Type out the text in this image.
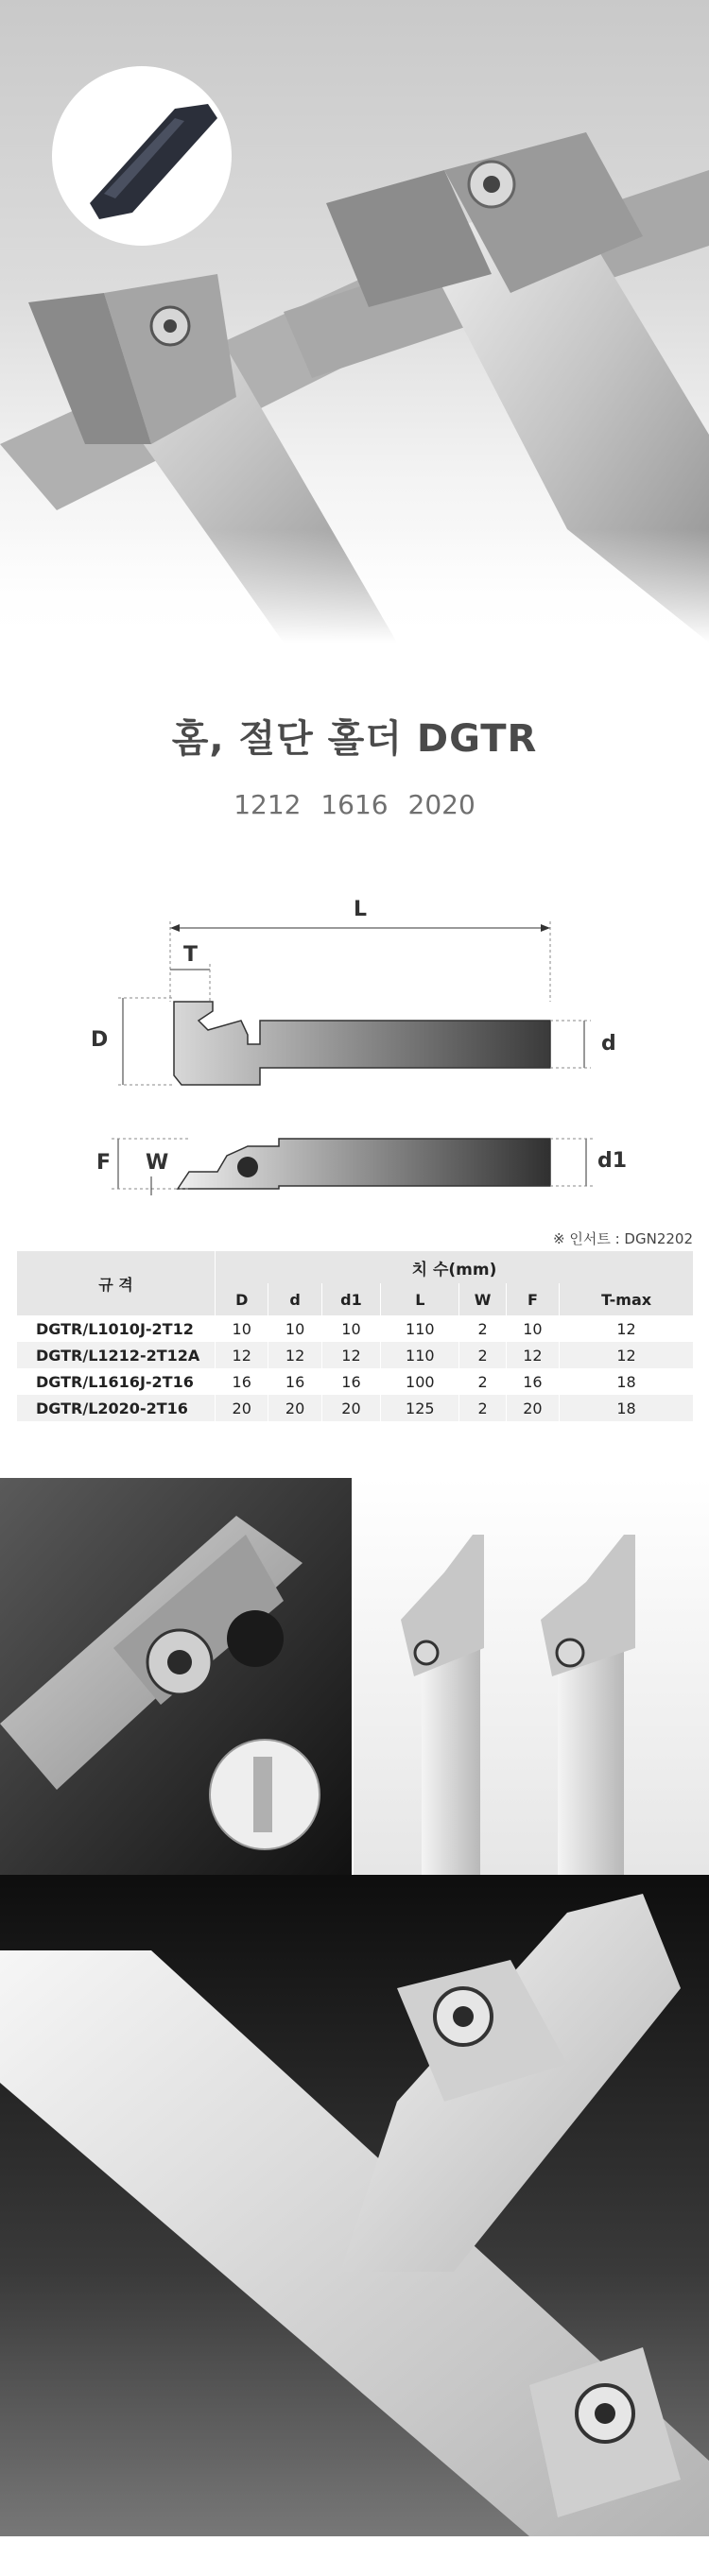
홈, 절단 홀더 DGTR
1212 1616 2020
L
T
D	d
F W	d1
※ 인서트 : DGN2202
규 격	치 수(mm)						
	D	d	d1	L	W	F	T-max
DGTR/L1010J-2T12	10	10	10	110	2	10	12
DGTR/L1212-2T12A	12	12	12	110	2	12	12
DGTR/L1616J-2T16	16	16	16	100	2	16	18
DGTR/L2020-2T16	20	20	20	125	2	20	18
